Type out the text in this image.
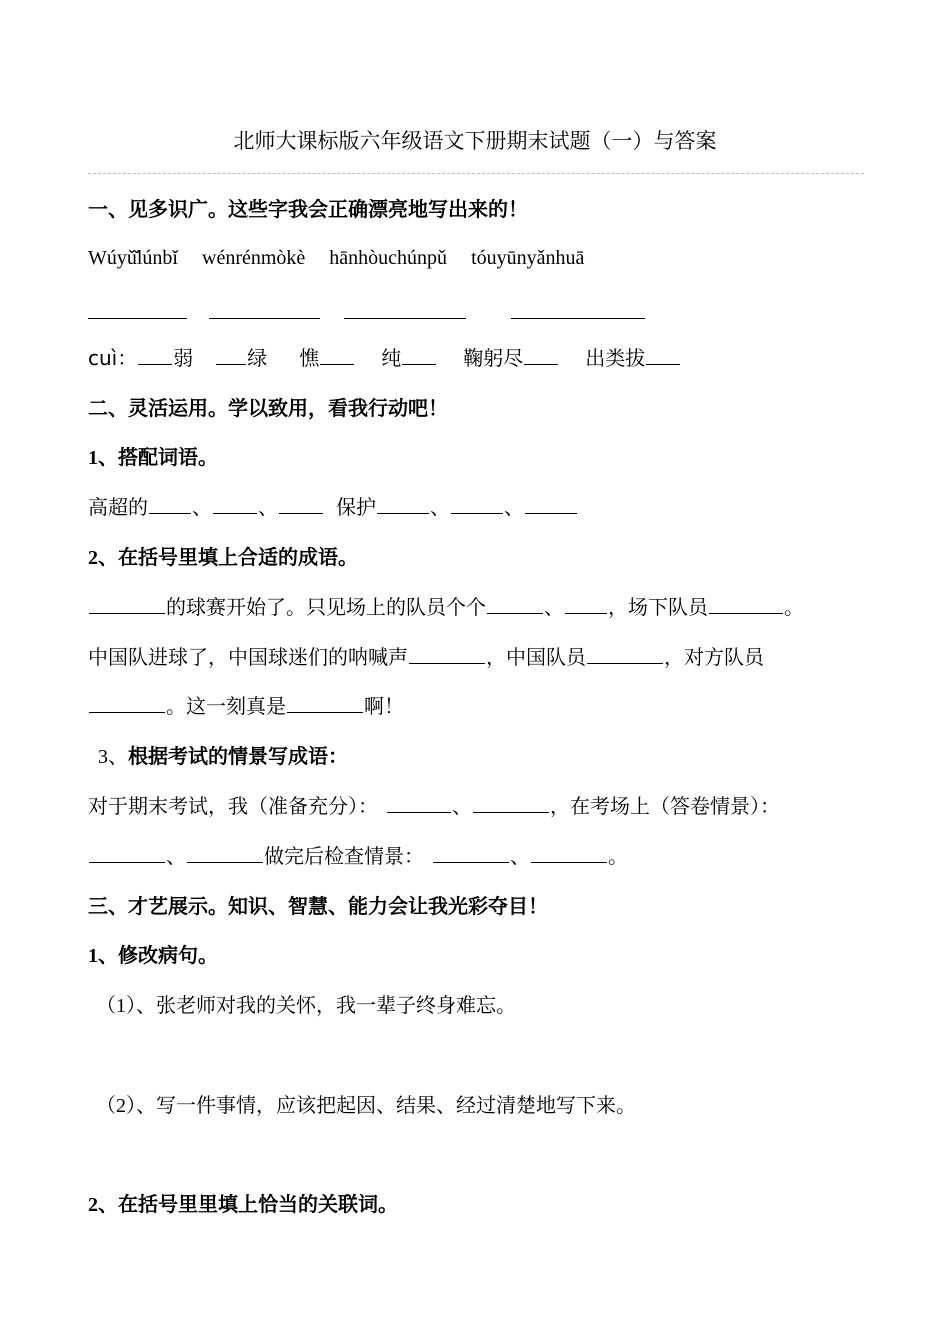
北师大课标版六年级语文下册期末试题（一）与答案
一、见多识广。这些字我会正确漂亮地写出来的！
Wúyǔ̌lúnbǐ wénrénmòkè hānhòuchúnpǔ tóuyūnyǎnhuā
cuì： 弱	绿 憔	纯	鞠躬尽	出类拔
二、灵活运用。学以致用，看我行动吧！
1、搭配词语。
高超的 、 、	保护	、	、
2、在括号里填上合适的成语。
的球赛开始了。只见场上的队员个个	、 ，场下队员	。
中国队进球了，中国球迷们的呐喊声	，中国队员	，对方队员
。这一刻真是	啊！
3、根据考试的情景写成语：
对于期末考试，我（准备充分）：	、	，在考场上（答卷情景）：
、	做完后检查情景：	、	。
三、才艺展示。知识、智慧、能力会让我光彩夺目！
1、修改病句。
（1）、张老师对我的关怀，我一辈子终身难忘。
（2）、写一件事情，应该把起因、结果、经过清楚地写下来。
2、在括号里里填上恰当的关联词。
